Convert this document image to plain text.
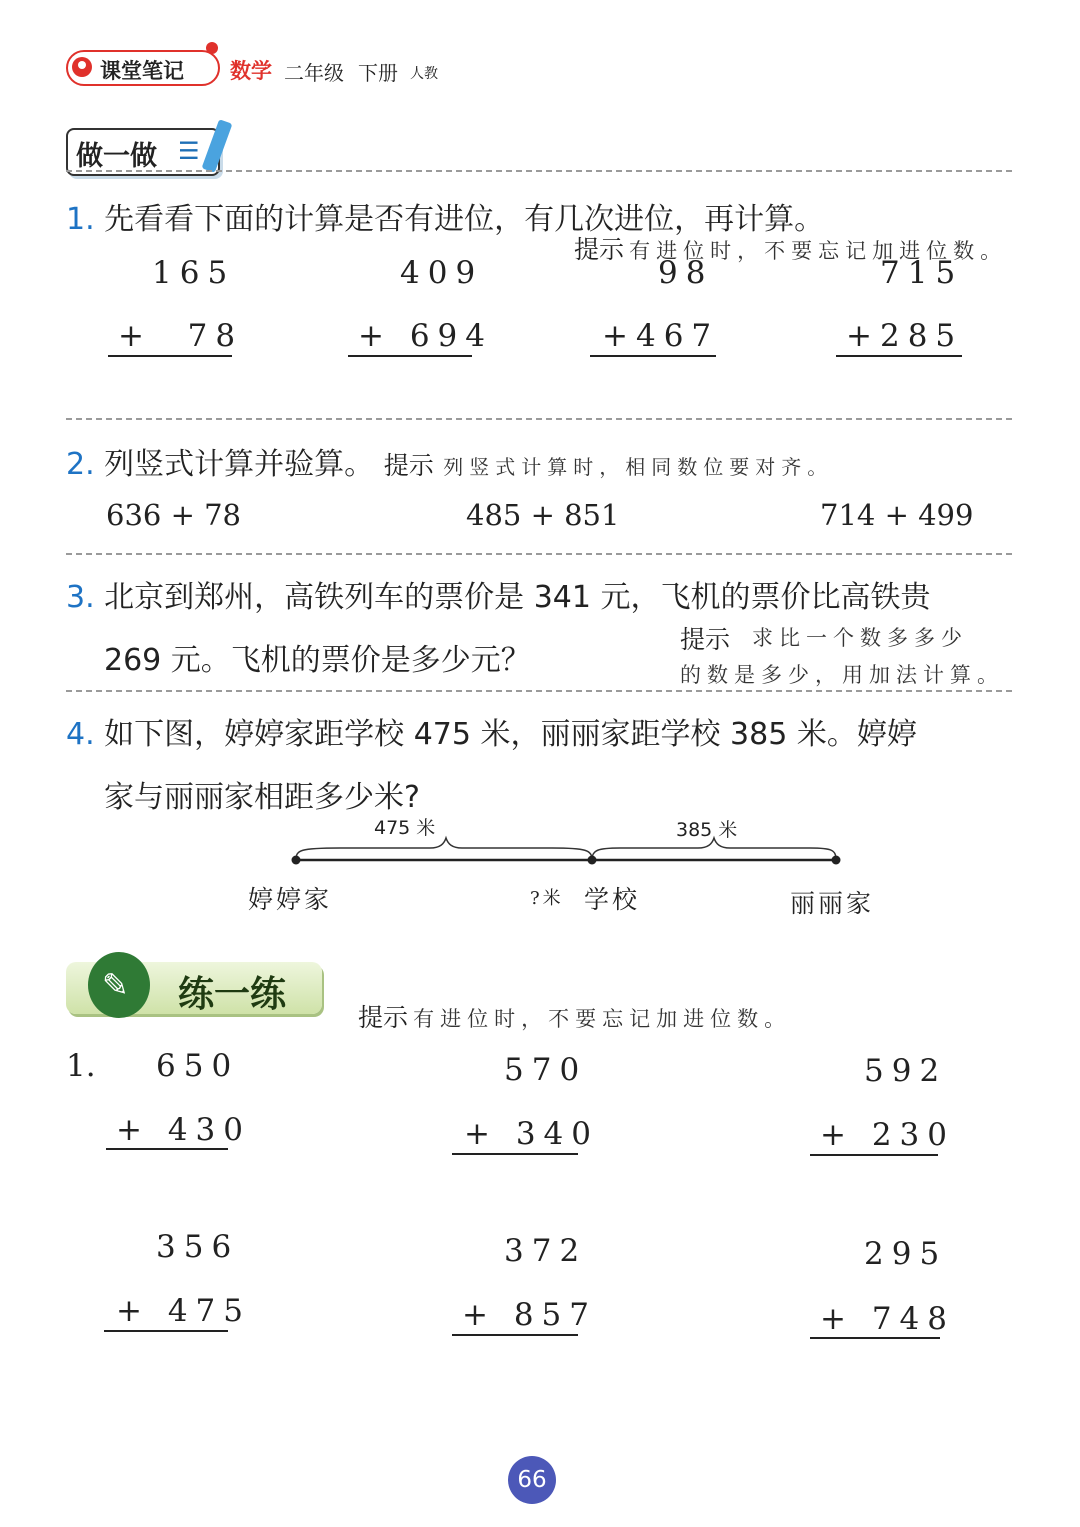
课堂笔记 数学 二年级 下册 人教
做一做 ☰
1. 先看看下面的计算是否有进位，有几次进位，再计算。
提示 有进位时，不要忘记加进位数。
165
+  78
409
+ 694
98
+467
715
+285
2. 列竖式计算并验算。 提示 列竖式计算时，相同数位要对齐。
636 + 78	485 + 851	714 + 499
3. 北京到郑州，高铁列车的票价是 341 元，飞机的票价比高铁贵
269 元。飞机的票价是多少元？
提示 求比一个数多多少
的数是多少，用加法计算。
4. 如下图，婷婷家距学校 475 米，丽丽家距学校 385 米。婷婷
家与丽丽家相距多少米?
475 米	385 米
婷婷家	?米 学校	丽丽家
✎ 练一练
提示 有进位时，不要忘记加进位数。
1. 650
+ 430
570
+ 340
592
+ 230
356
+ 475
372
+ 857
295
+ 748
66
